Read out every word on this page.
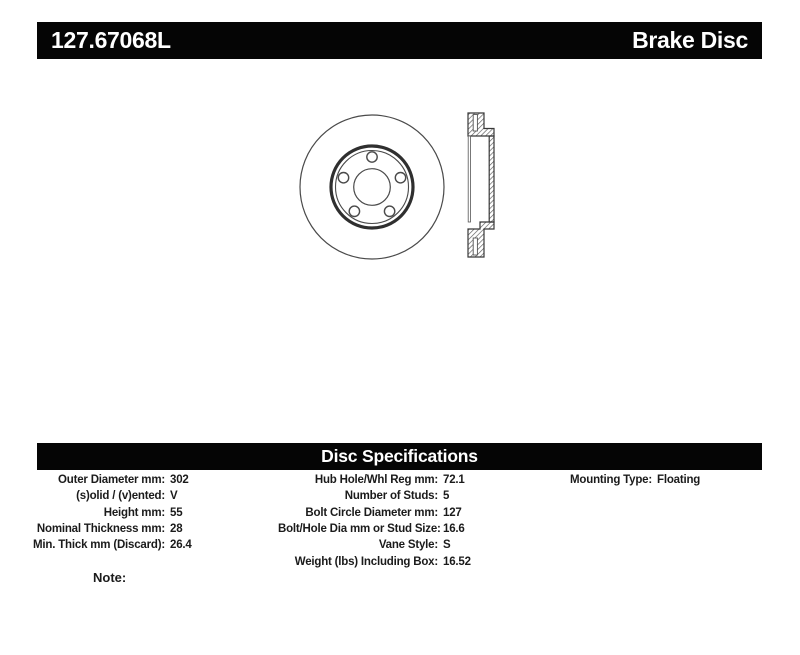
127.67068L	Brake Disc
Disc Specifications
Outer Diameter mm: 302
(s)olid / (v)ented: V
Height mm: 55
Nominal Thickness mm: 28
Min. Thick mm (Discard): 26.4
Hub Hole/Whl Reg mm: 72.1
Number of Studs: 5
Bolt Circle Diameter mm: 127
Bolt/Hole Dia mm or Stud Size: 16.6
Vane Style: S
Weight (lbs) Including Box: 16.52
Mounting Type: Floating
Note:
